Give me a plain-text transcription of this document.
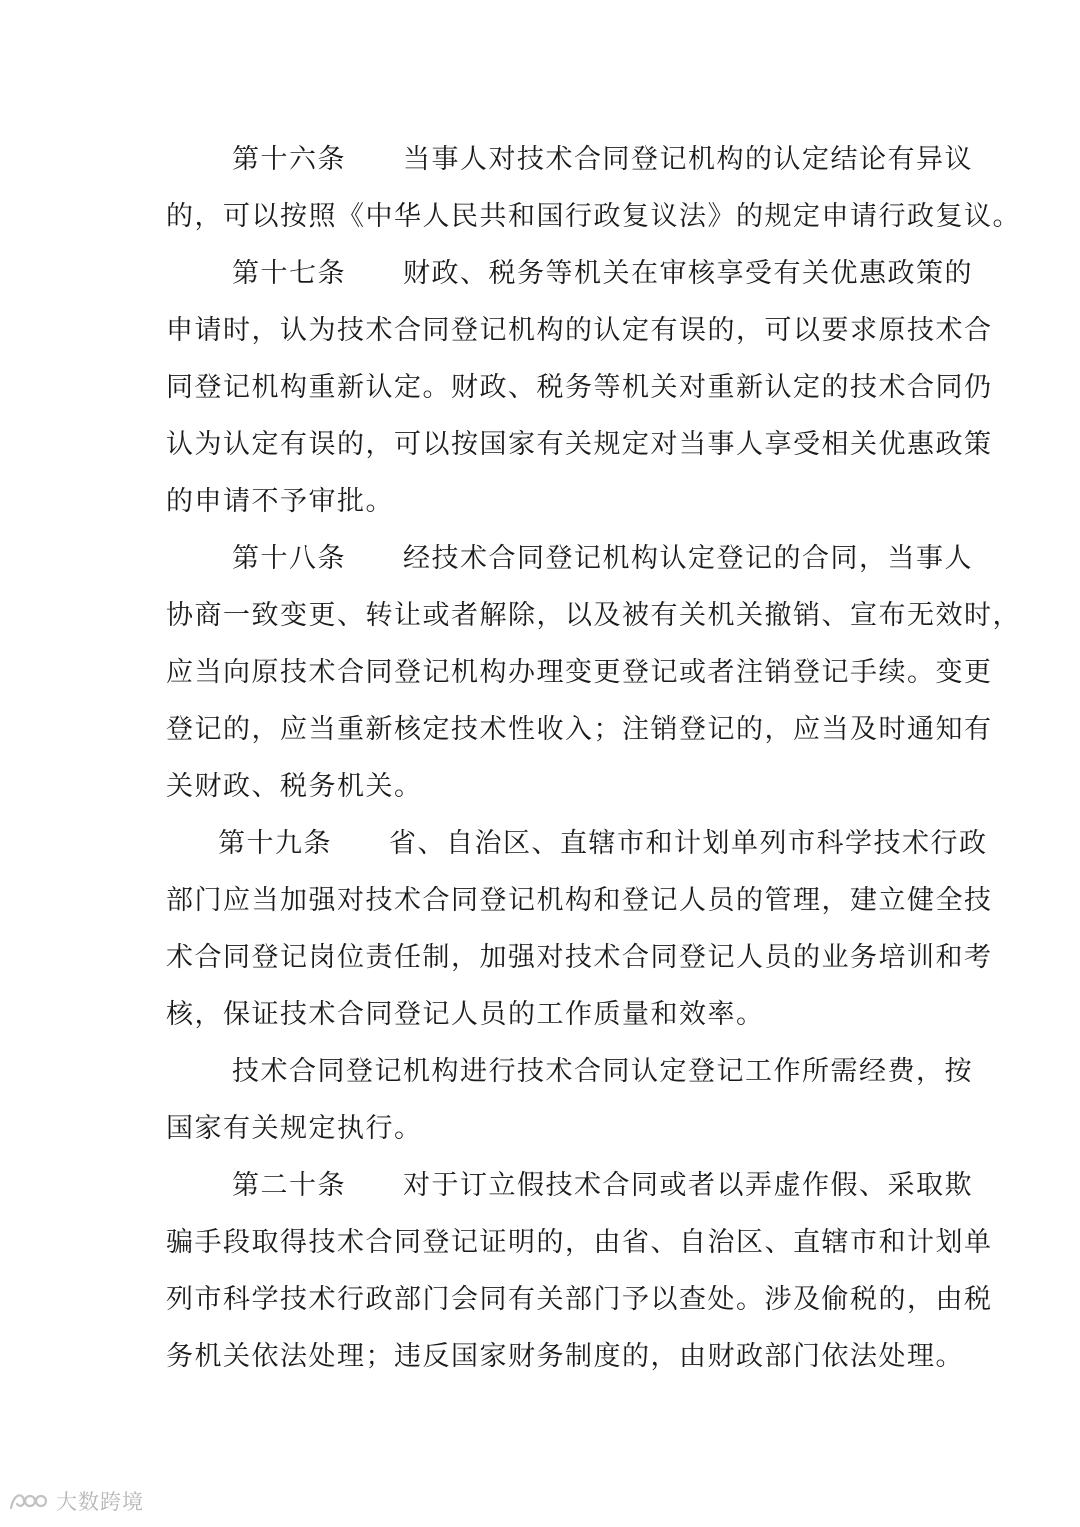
第十六条　　当事人对技术合同登记机构的认定结论有异议
的，可以按照《中华人民共和国行政复议法》的规定申请行政复议。
第十七条　　财政、税务等机关在审核享受有关优惠政策的
申请时，认为技术合同登记机构的认定有误的，可以要求原技术合
同登记机构重新认定。财政、税务等机关对重新认定的技术合同仍
认为认定有误的，可以按国家有关规定对当事人享受相关优惠政策
的申请不予审批。
第十八条　　经技术合同登记机构认定登记的合同，当事人
协商一致变更、转让或者解除，以及被有关机关撤销、宣布无效时，
应当向原技术合同登记机构办理变更登记或者注销登记手续。变更
登记的，应当重新核定技术性收入；注销登记的，应当及时通知有
关财政、税务机关。
第十九条　　省、自治区、直辖市和计划单列市科学技术行政
部门应当加强对技术合同登记机构和登记人员的管理，建立健全技
术合同登记岗位责任制，加强对技术合同登记人员的业务培训和考
核，保证技术合同登记人员的工作质量和效率。
技术合同登记机构进行技术合同认定登记工作所需经费，按
国家有关规定执行。
第二十条　　对于订立假技术合同或者以弄虚作假、采取欺
骗手段取得技术合同登记证明的，由省、自治区、直辖市和计划单
列市科学技术行政部门会同有关部门予以查处。涉及偷税的，由税
务机关依法处理；违反国家财务制度的，由财政部门依法处理。
大数跨境
